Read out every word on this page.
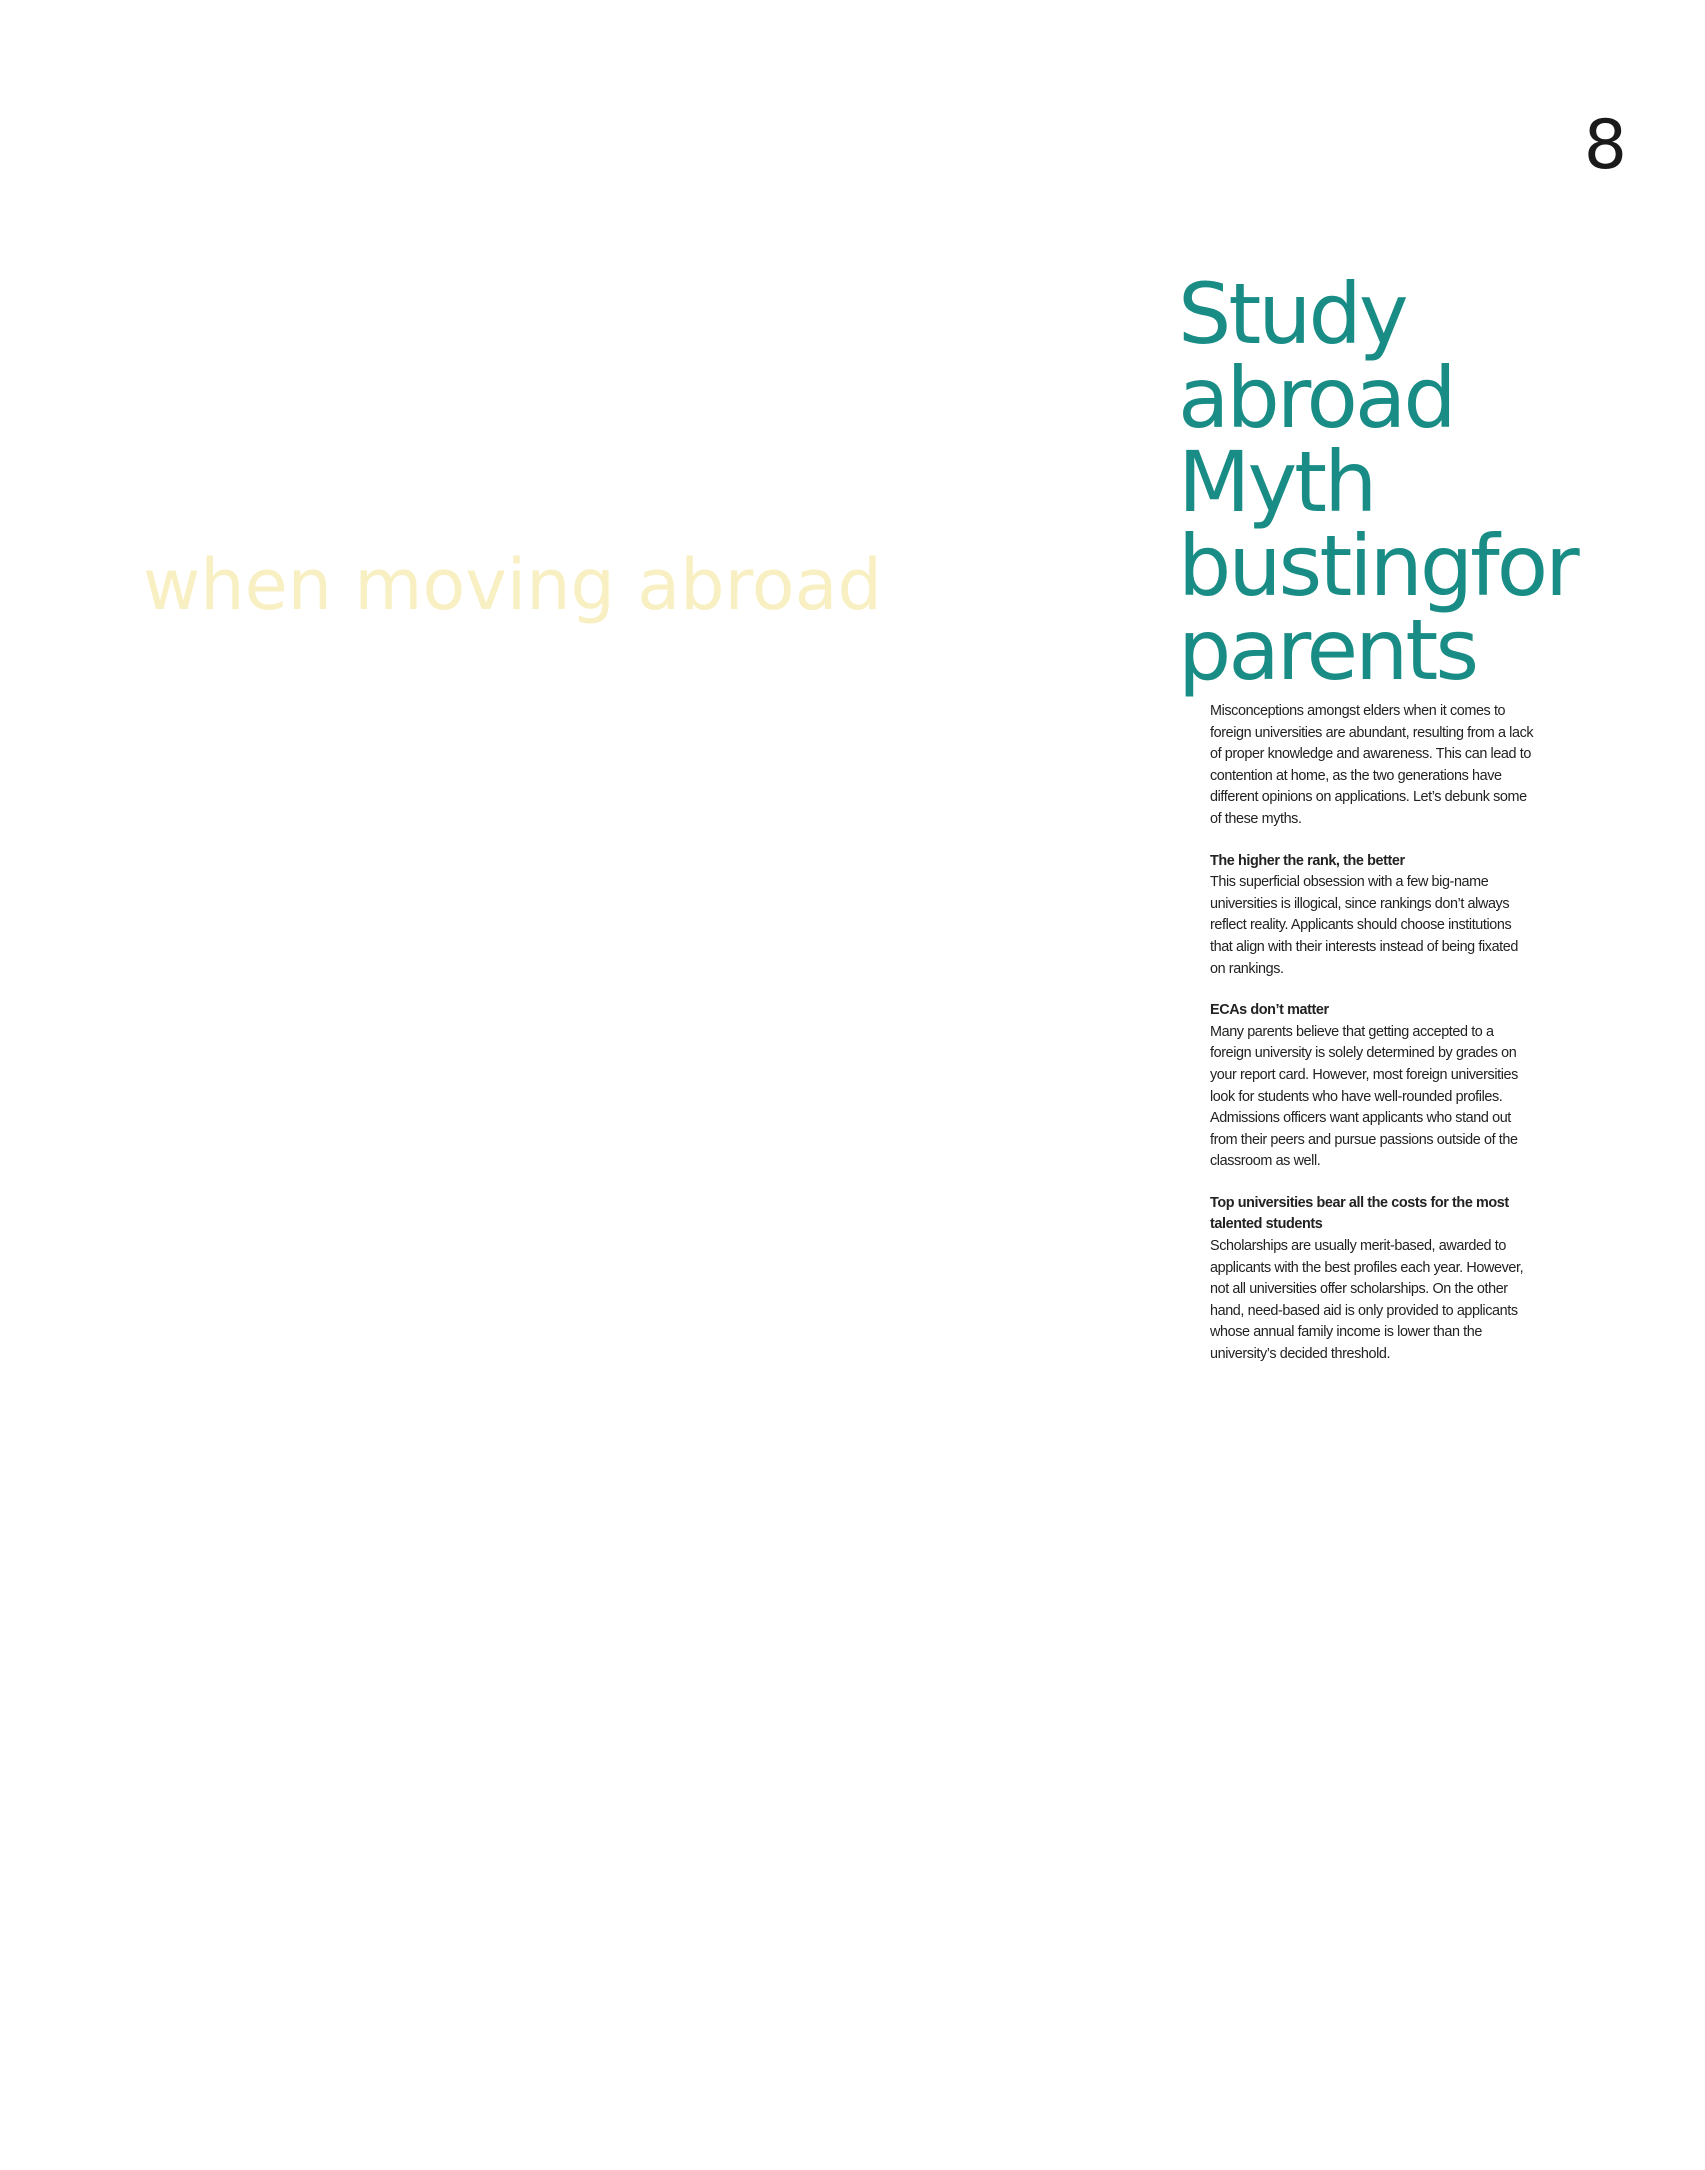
8
when moving abroad
Study
abroad
Myth
bustingfor
parents

Misconceptions amongst elders when it comes to foreign universities are abundant, resulting from a lack of proper knowledge and awareness. This can lead to contention at home, as the two generations have different opinions on applications. Let’s debunk some of these myths.

The higher the rank, the better

This superficial obsession with a few big-name universities is illogical, since rankings don’t always reflect reality. Applicants should choose institutions that align with their interests instead of being fixated on rankings.

ECAs don’t matter

Many parents believe that getting accepted to a foreign university is solely determined by grades on your report card. However, most foreign universities look for students who have well-rounded profiles. Admissions officers want applicants who stand out from their peers and pursue passions outside of the classroom as well.

Top universities bear all the costs for the most talented students

Scholarships are usually merit-based, awarded to applicants with the best profiles each year. However, not all universities offer scholarships. On the other hand, need-based aid is only provided to applicants whose annual family income is lower than the university’s decided threshold.
